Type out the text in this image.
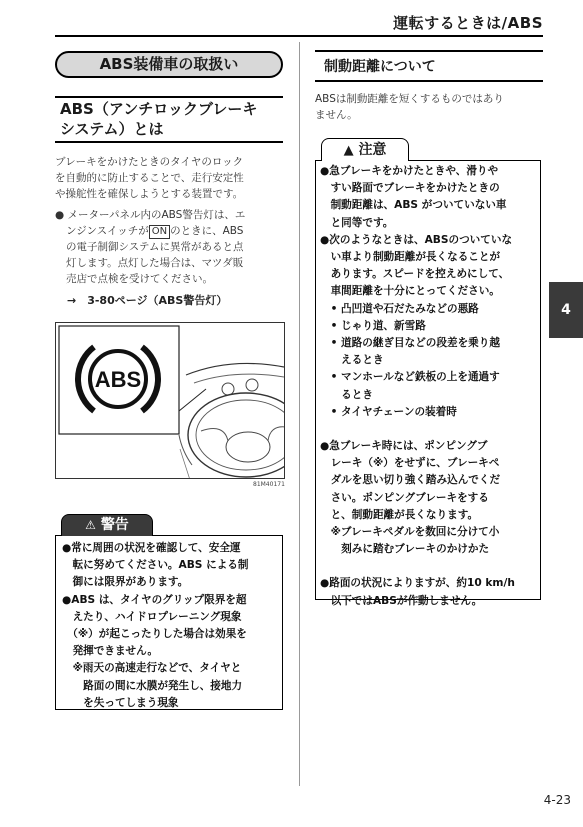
運転するときは/ABS
ABS装備車の取扱い
ABS（アンチロックブレーキ
システム）とは
ブレーキをかけたときのタイヤのロック
を自動的に防止することで、走行安定性
や操舵性を確保しようとする装置です。
● メーターパネル内のABS警告灯は、エ
ンジンスイッチが ON のときに、ABS
の電子制御システムに異常があると点
灯します。点灯した場合は、マツダ販
売店で点検を受けてください。
→　3-80ページ（ABS警告灯）
ABS
81M40171
⚠ 警告
●常に周囲の状況を確認して、安全運
　転に努めてください。ABS による制
　御には限界があります。
●ABS は、タイヤのグリップ限界を超
　えたり、ハイドロプレーニング現象
　（※）が起こったりした場合は効果を
　発揮できません。
　※雨天の高速走行などで、タイヤと
　　路面の間に水膜が発生し、接地力
　　を失ってしまう現象
制動距離について
ABSは制動距離を短くするものではあり
ません。
▲ 注意
●急ブレーキをかけたときや、滑りや
　すい路面でブレーキをかけたときの
　制動距離は、ABS がついていない車
　と同等です。
●次のようなときは、ABSのついていな
　い車より制動距離が長くなることが
　あります。スピードを控えめにして、
　車間距離を十分にとってください。
　• 凸凹道や石だたみなどの悪路
　• じゃり道、新雪路
　• 道路の継ぎ目などの段差を乗り越
　　えるとき
　• マンホールなど鉄板の上を通過す
　　るとき
　• タイヤチェーンの装着時
●急ブレーキ時には、ポンピングブ
　レーキ（※）をせずに、ブレーキペ
　ダルを思い切り強く踏み込んでくだ
　さい。ポンピングブレーキをする
　と、制動距離が長くなります。
　※ブレーキペダルを数回に分けて小
　　刻みに踏むブレーキのかけかた
●路面の状況によりますが、約10 km/h
　以下ではABSが作動しません。
4
4-23
